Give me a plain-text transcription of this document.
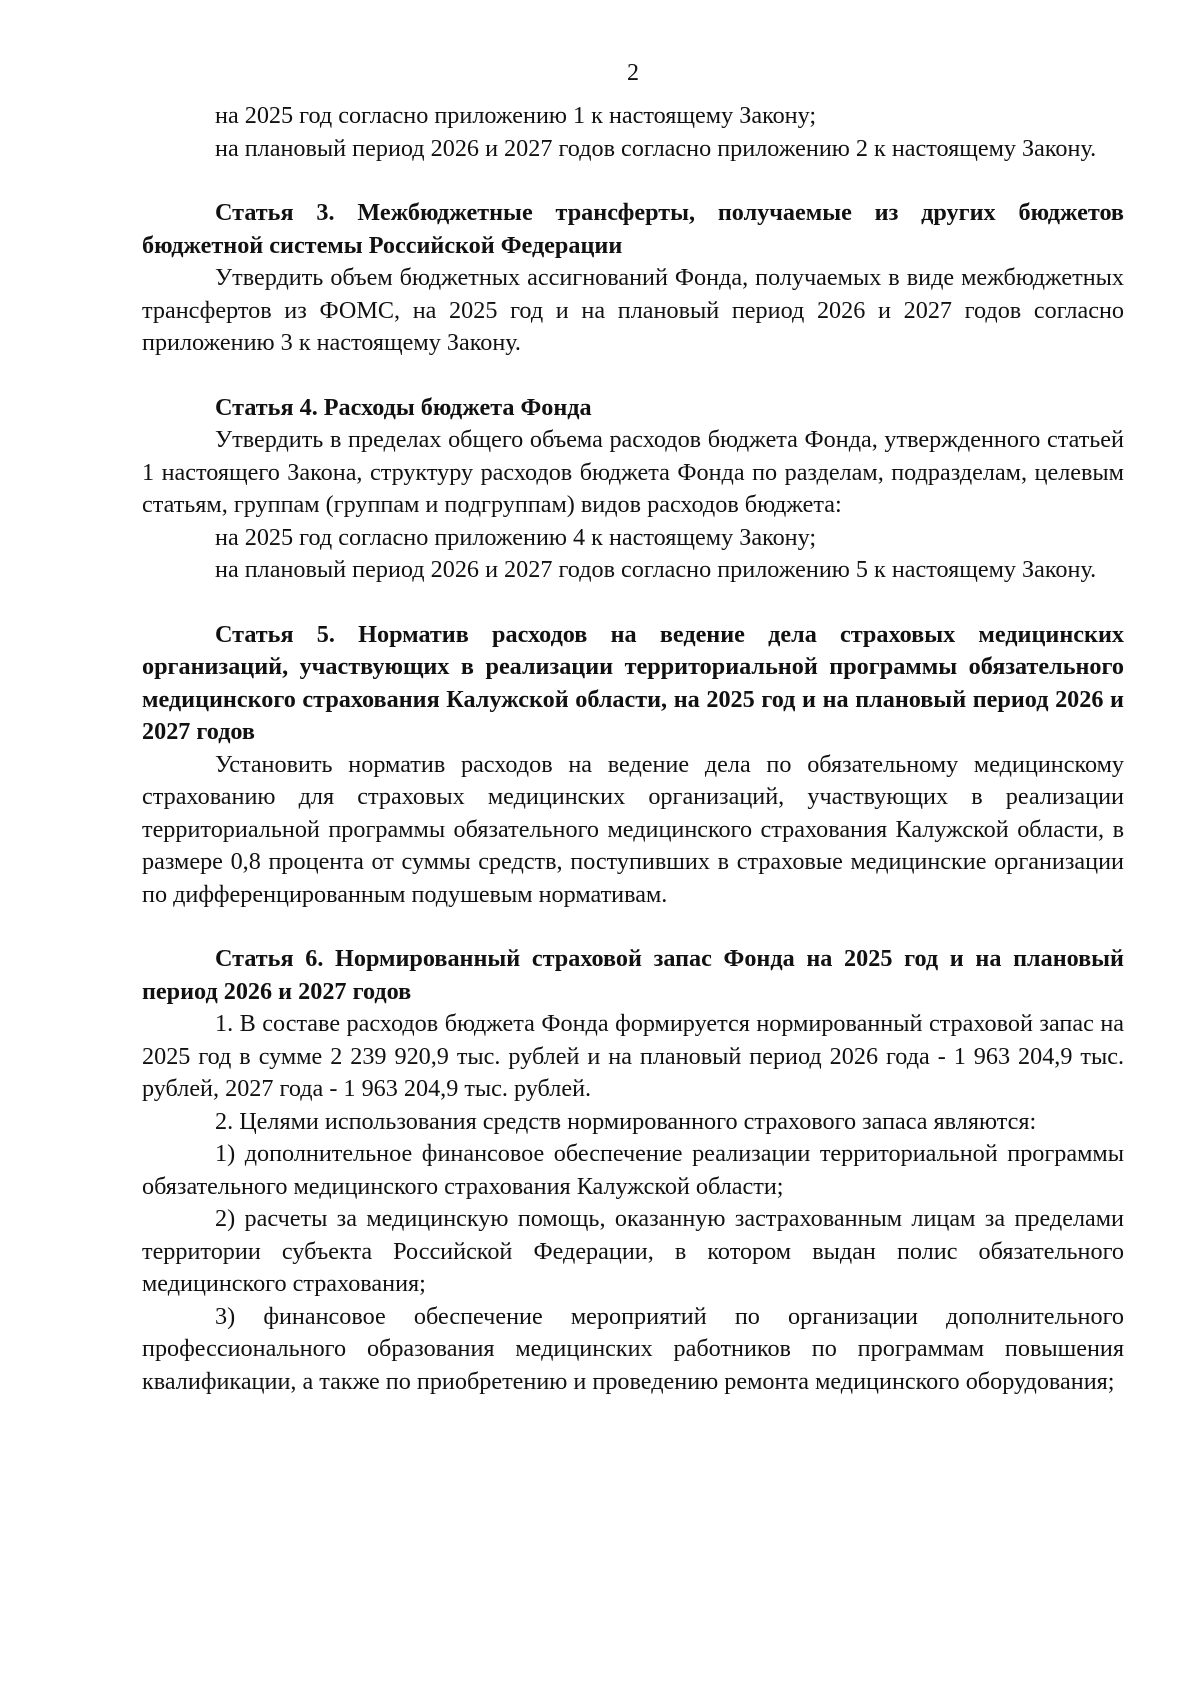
2

на 2025 год согласно приложению 1 к настоящему Закону;

на плановый период 2026 и 2027 годов согласно приложению 2 к настоящему Закону.

Статья 3. Межбюджетные трансферты, получаемые из других бюджетов бюджетной системы Российской Федерации

Утвердить объем бюджетных ассигнований Фонда, получаемых в виде межбюджетных трансфертов из ФОМС, на 2025 год и на плановый период 2026 и 2027 годов согласно приложению 3 к настоящему Закону.

Статья 4. Расходы бюджета Фонда

Утвердить в пределах общего объема расходов бюджета Фонда, утвержденного статьей 1 настоящего Закона, структуру расходов бюджета Фонда по разделам, подразделам, целевым статьям, группам (группам и подгруппам) видов расходов бюджета:

на 2025 год согласно приложению 4 к настоящему Закону;

на плановый период 2026 и 2027 годов согласно приложению 5 к настоящему Закону.

Статья 5. Норматив расходов на ведение дела страховых медицинских организаций, участвующих в реализации территориальной программы обязательного медицинского страхования Калужской области, на 2025 год и на плановый период 2026 и 2027 годов

Установить норматив расходов на ведение дела по обязательному медицинскому страхованию для страховых медицинских организаций, участвующих в реализации территориальной программы обязательного медицинского страхования Калужской области, в размере 0,8 процента от суммы средств, поступивших в страховые медицинские организации по дифференцированным подушевым нормативам.

Статья 6. Нормированный страховой запас Фонда на 2025 год и на плановый период 2026 и 2027 годов

1. В составе расходов бюджета Фонда формируется нормированный страховой запас на 2025 год в сумме 2 239 920,9 тыс. рублей и на плановый период 2026 года - 1 963 204,9 тыс. рублей, 2027 года - 1 963 204,9 тыс. рублей.

2. Целями использования средств нормированного страхового запаса являются:

1) дополнительное финансовое обеспечение реализации территориальной программы обязательного медицинского страхования Калужской области;

2) расчеты за медицинскую помощь, оказанную застрахованным лицам за пределами территории субъекта Российской Федерации, в котором выдан полис обязательного медицинского страхования;

3) финансовое обеспечение мероприятий по организации дополнительного профессионального образования медицинских работников по программам повышения квалификации, а также по приобретению и проведению ремонта медицинского оборудования;
